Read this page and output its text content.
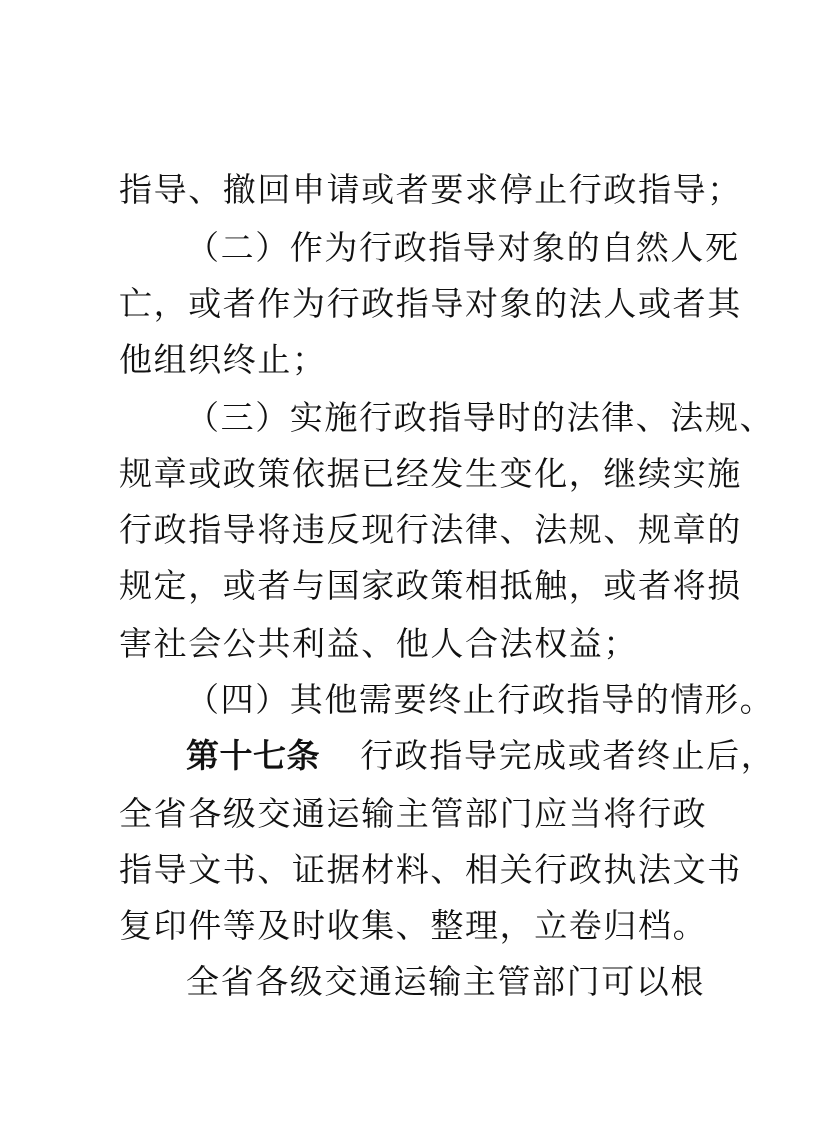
指导、撤回申请或者要求停止行政指导；
（二）作为行政指导对象的自然人死
亡，或者作为行政指导对象的法人或者其
他组织终止；
（三）实施行政指导时的法律、法规、
规章或政策依据已经发生变化，继续实施
行政指导将违反现行法律、法规、规章的
规定，或者与国家政策相抵触，或者将损
害社会公共利益、他人合法权益；
（四）其他需要终止行政指导的情形。
第十七条 行政指导完成或者终止后，
全省各级交通运输主管部门应当将行政
指导文书、证据材料、相关行政执法文书
复印件等及时收集、整理，立卷归档。
全省各级交通运输主管部门可以根
